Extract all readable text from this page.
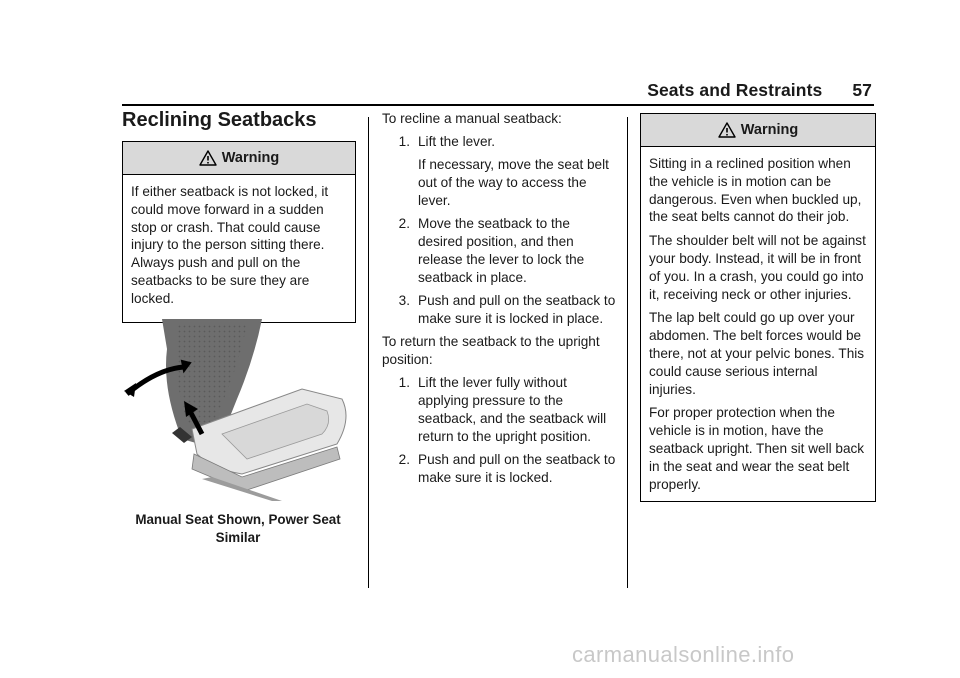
Seats and Restraints 57
Reclining Seatbacks
Warning

If either seatback is not locked, it could move forward in a sudden stop or crash. That could cause injury to the person sitting there. Always push and pull on the seatbacks to be sure they are locked.

Manual Seat Shown, Power Seat Similar

To recline a manual seatback:

1. Lift the lever.

If necessary, move the seat belt out of the way to access the lever.

2. Move the seatback to the desired position, and then release the lever to lock the seatback in place.
3. Push and pull on the seatback to make sure it is locked in place.

To return the seatback to the upright position:

1. Lift the lever fully without applying pressure to the seatback, and the seatback will return to the upright position.
2. Push and pull on the seatback to make sure it is locked.
Warning

Sitting in a reclined position when the vehicle is in motion can be dangerous. Even when buckled up, the seat belts cannot do their job.

The shoulder belt will not be against your body. Instead, it will be in front of you. In a crash, you could go into it, receiving neck or other injuries.

The lap belt could go up over your abdomen. The belt forces would be there, not at your pelvic bones. This could cause serious internal injuries.

For proper protection when the vehicle is in motion, have the seatback upright. Then sit well back in the seat and wear the seat belt properly.

carmanualsonline.info
